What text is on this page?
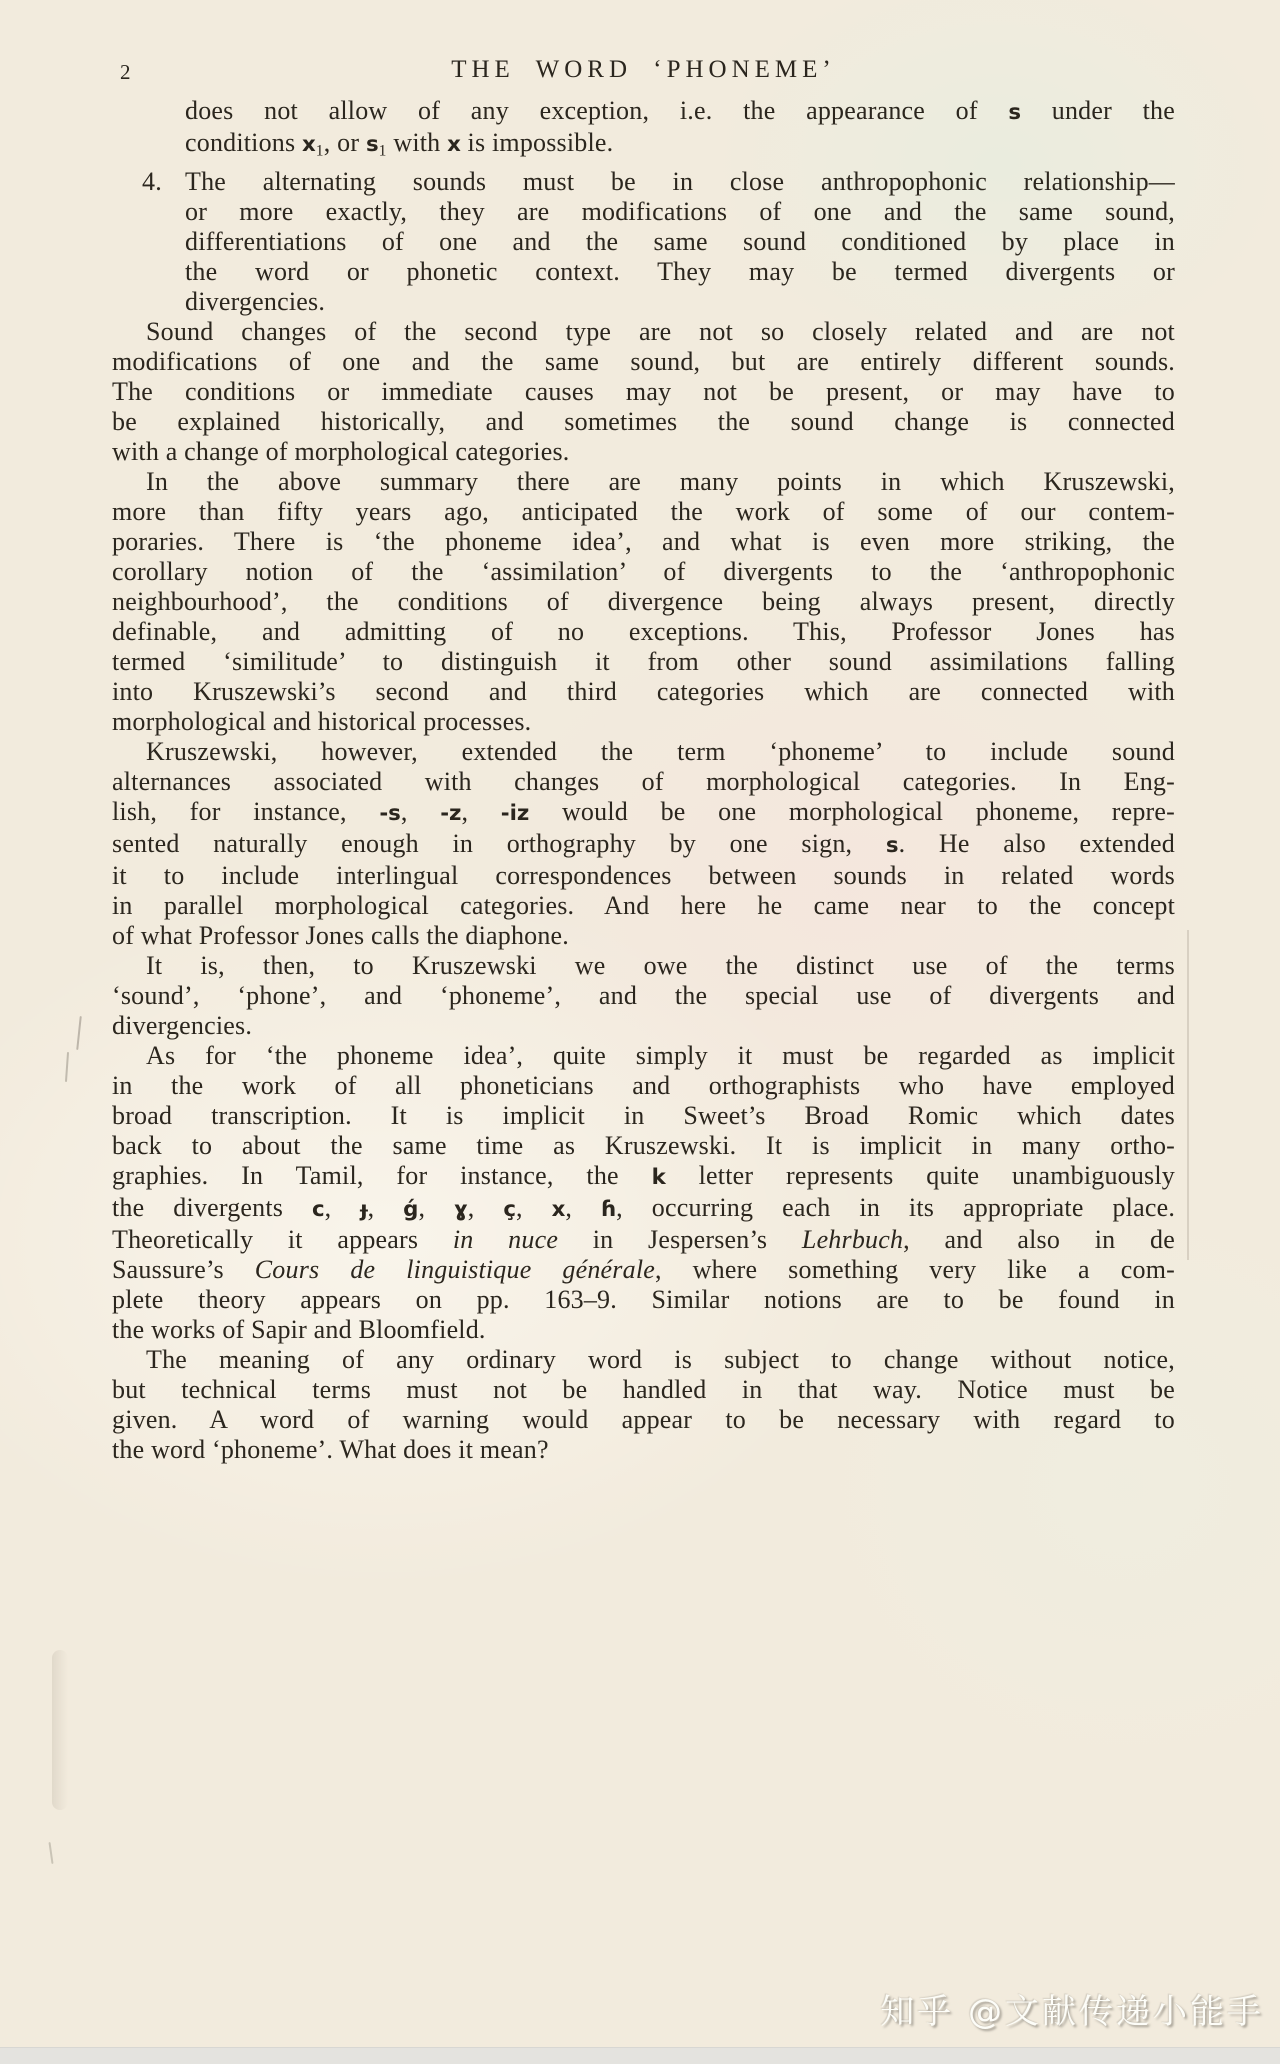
2	THE WORD ‘PHONEME’
does not allow of any exception, i.e. the appearance of s under the
conditions $x_1$, or $s_1$ with x is impossible.
4. The alternating sounds must be in close anthropophonic relationship—
or more exactly, they are modifications of one and the same sound,
differentiations of one and the same sound conditioned by place in
the word or phonetic context. They may be termed divergents or
divergencies.
Sound changes of the second type are not so closely related and are not
modifications of one and the same sound, but are entirely different sounds.
The conditions or immediate causes may not be present, or may have to
be explained historically, and sometimes the sound change is connected
with a change of morphological categories.
In the above summary there are many points in which Kruszewski,
more than fifty years ago, anticipated the work of some of our contem-
poraries. There is ‘the phoneme idea’, and what is even more striking, the
corollary notion of the ‘assimilation’ of divergents to the ‘anthropophonic
neighbourhood’, the conditions of divergence being always present, directly
definable, and admitting of no exceptions. This, Professor Jones has
termed ‘similitude’ to distinguish it from other sound assimilations falling
into Kruszewski’s second and third categories which are connected with
morphological and historical processes.
Kruszewski, however, extended the term ‘phoneme’ to include sound
alternances associated with changes of morphological categories. In Eng-
lish, for instance, -s, -z, -iz would be one morphological phoneme, repre-
sented naturally enough in orthography by one sign, s. He also extended
it to include interlingual correspondences between sounds in related words
in parallel morphological categories. And here he came near to the concept
of what Professor Jones calls the diaphone.
It is, then, to Kruszewski we owe the distinct use of the terms
‘sound’, ‘phone’, and ‘phoneme’, and the special use of divergents and
divergencies.
As for ‘the phoneme idea’, quite simply it must be regarded as implicit
in the work of all phoneticians and orthographists who have employed
broad transcription. It is implicit in Sweet’s Broad Romic which dates
back to about the same time as Kruszewski. It is implicit in many ortho-
graphies. In Tamil, for instance, the k letter represents quite unambiguously
the divergents c, ɟ, ǵ, ɣ, ç, x, ɦ, occurring each in its appropriate place.
Theoretically it appears in nuce in Jespersen’s Lehrbuch, and also in de
Saussure’s Cours de linguistique générale, where something very like a com-
plete theory appears on pp. 163–9. Similar notions are to be found in
the works of Sapir and Bloomfield.
The meaning of any ordinary word is subject to change without notice,
but technical terms must not be handled in that way. Notice must be
given. A word of warning would appear to be necessary with regard to
the word ‘phoneme’. What does it mean?
知乎 @文献传递小能手
